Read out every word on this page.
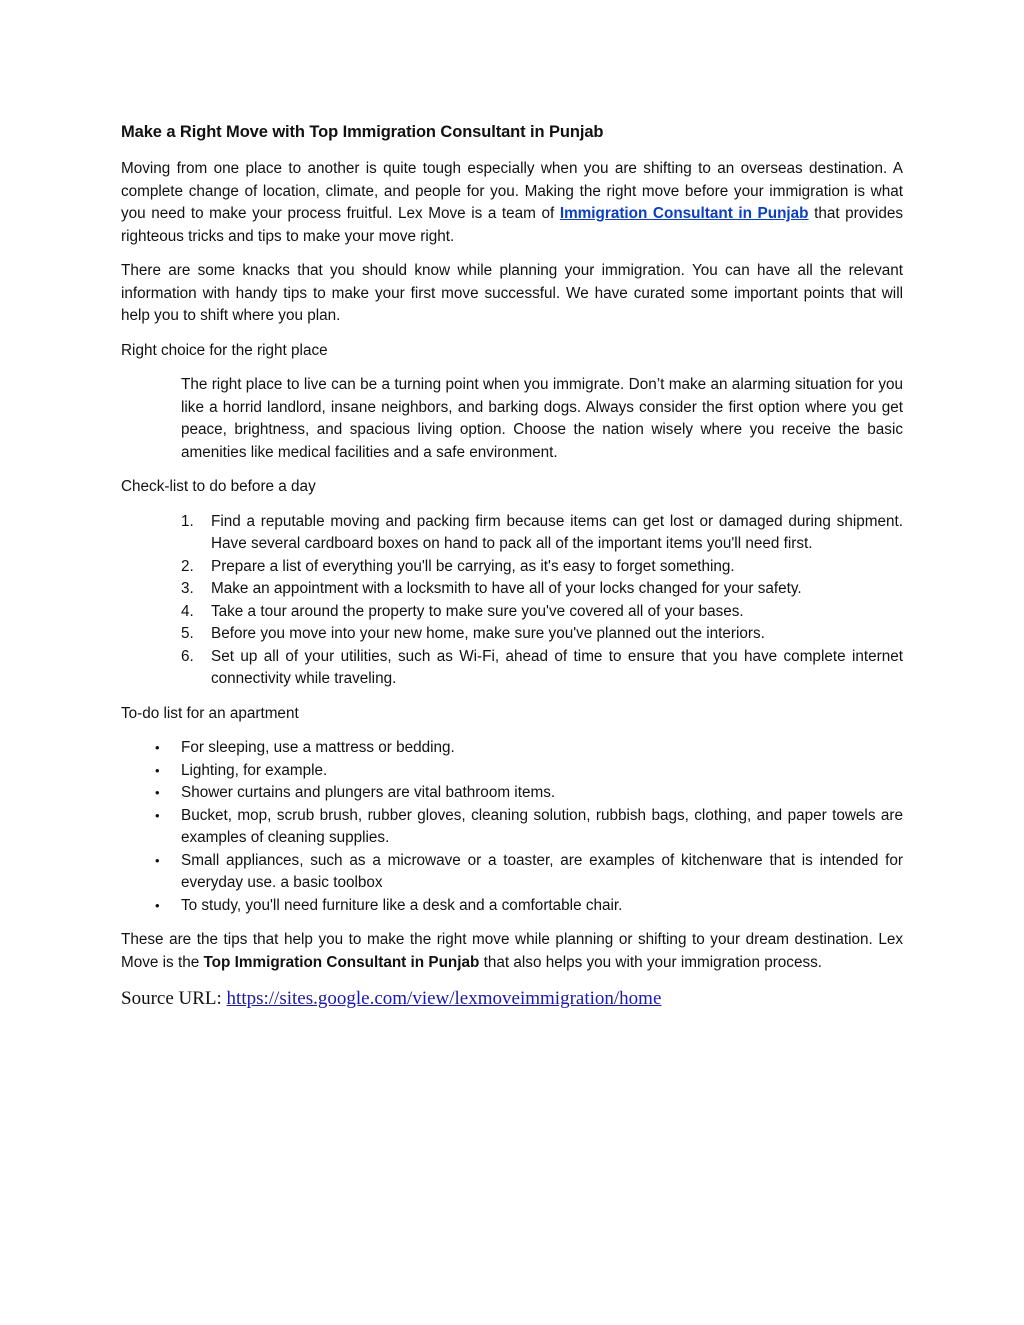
Make a Right Move with Top Immigration Consultant in Punjab

Moving from one place to another is quite tough especially when you are shifting to an overseas destination. A complete change of location, climate, and people for you. Making the right move before your immigration is what you need to make your process fruitful. Lex Move is a team of Immigration Consultant in Punjab that provides righteous tricks and tips to make your move right.

There are some knacks that you should know while planning your immigration. You can have all the relevant information with handy tips to make your first move successful. We have curated some important points that will help you to shift where you plan.

Right choice for the right place

The right place to live can be a turning point when you immigrate. Don’t make an alarming situation for you like a horrid landlord, insane neighbors, and barking dogs. Always consider the first option where you get peace, brightness, and spacious living option. Choose the nation wisely where you receive the basic amenities like medical facilities and a safe environment.

Check-list to do before a day

1. Find a reputable moving and packing firm because items can get lost or damaged during shipment. Have several cardboard boxes on hand to pack all of the important items you'll need first.
2. Prepare a list of everything you'll be carrying, as it's easy to forget something.
3. Make an appointment with a locksmith to have all of your locks changed for your safety.
4. Take a tour around the property to make sure you've covered all of your bases.
5. Before you move into your new home, make sure you've planned out the interiors.
6. Set up all of your utilities, such as Wi-Fi, ahead of time to ensure that you have complete internet connectivity while traveling.

To-do list for an apartment

• For sleeping, use a mattress or bedding.
• Lighting, for example.
• Shower curtains and plungers are vital bathroom items.
• Bucket, mop, scrub brush, rubber gloves, cleaning solution, rubbish bags, clothing, and paper towels are examples of cleaning supplies.
• Small appliances, such as a microwave or a toaster, are examples of kitchenware that is intended for everyday use. a basic toolbox
• To study, you'll need furniture like a desk and a comfortable chair.

These are the tips that help you to make the right move while planning or shifting to your dream destination. Lex Move is the Top Immigration Consultant in Punjab that also helps you with your immigration process.

Source URL: https://sites.google.com/view/lexmoveimmigration/home
